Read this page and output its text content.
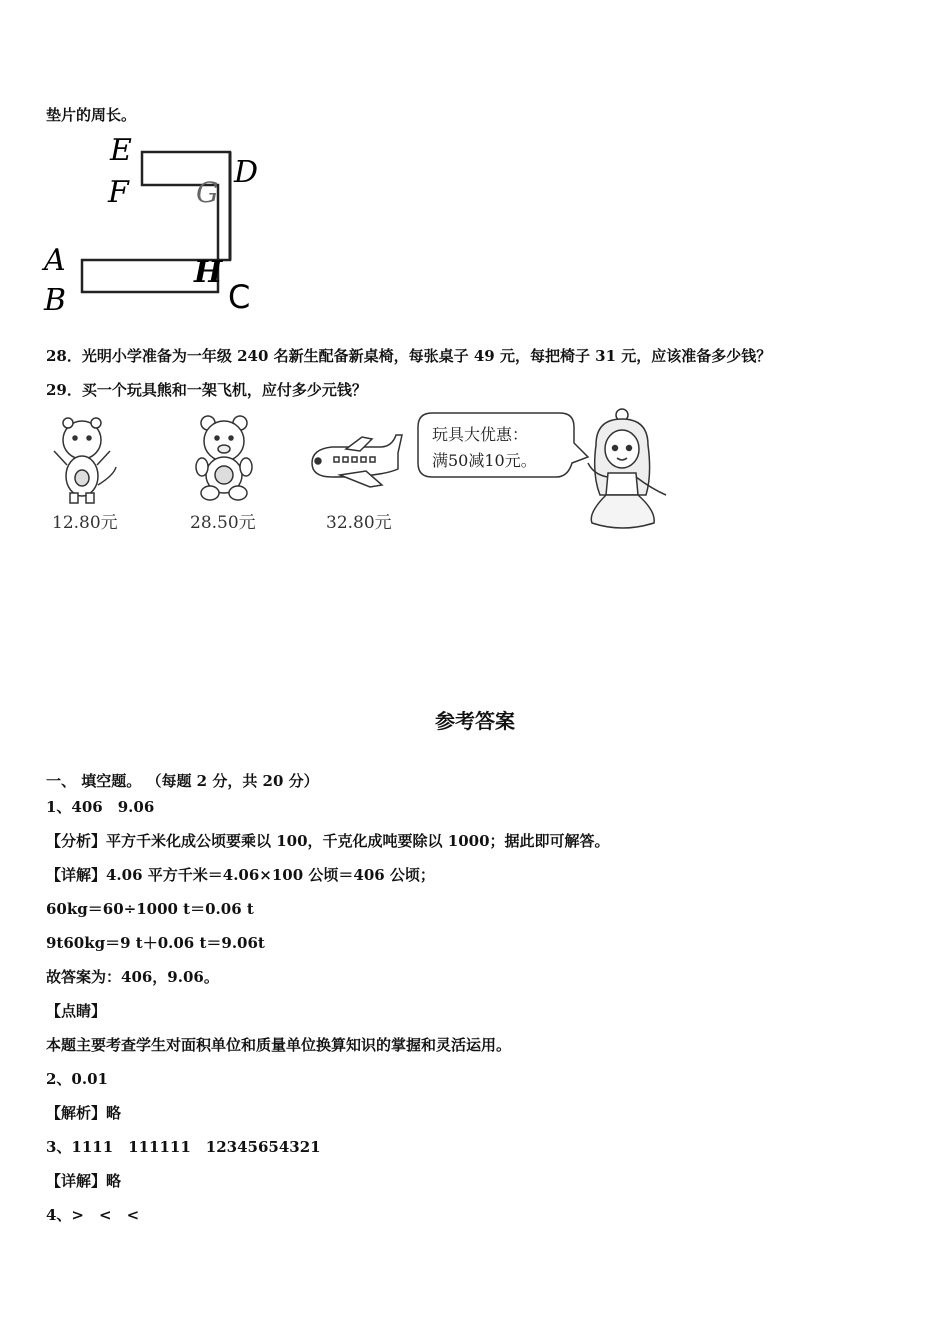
垫片的周长。
E
F G
D
A
B
H
C
28．光明小学准备为一年级 240 名新生配备新桌椅，每张桌子 49 元，每把椅子 31 元，应该准备多少钱？
29．买一个玩具熊和一架飞机，应付多少元钱？
玩具大优惠：
满50减10元。
12.80元	28.50元	32.80元
参考答案
一、 填空题。 （每题 2 分，共 20 分）
1、406　9.06
【分析】平方千米化成公顷要乘以 100，千克化成吨要除以 1000；据此即可解答。
【详解】4.06 平方千米＝4.06×100 公顷＝406 公顷；
60kg＝60÷1000 t＝0.06 t
9t60kg＝9 t＋0.06 t＝9.06t
故答案为：406，9.06。
【点睛】
本题主要考查学生对面积单位和质量单位换算知识的掌握和灵活运用。
2、0.01
【解析】略
3、1111　111111　12345654321
【详解】略
4、>　<　<
